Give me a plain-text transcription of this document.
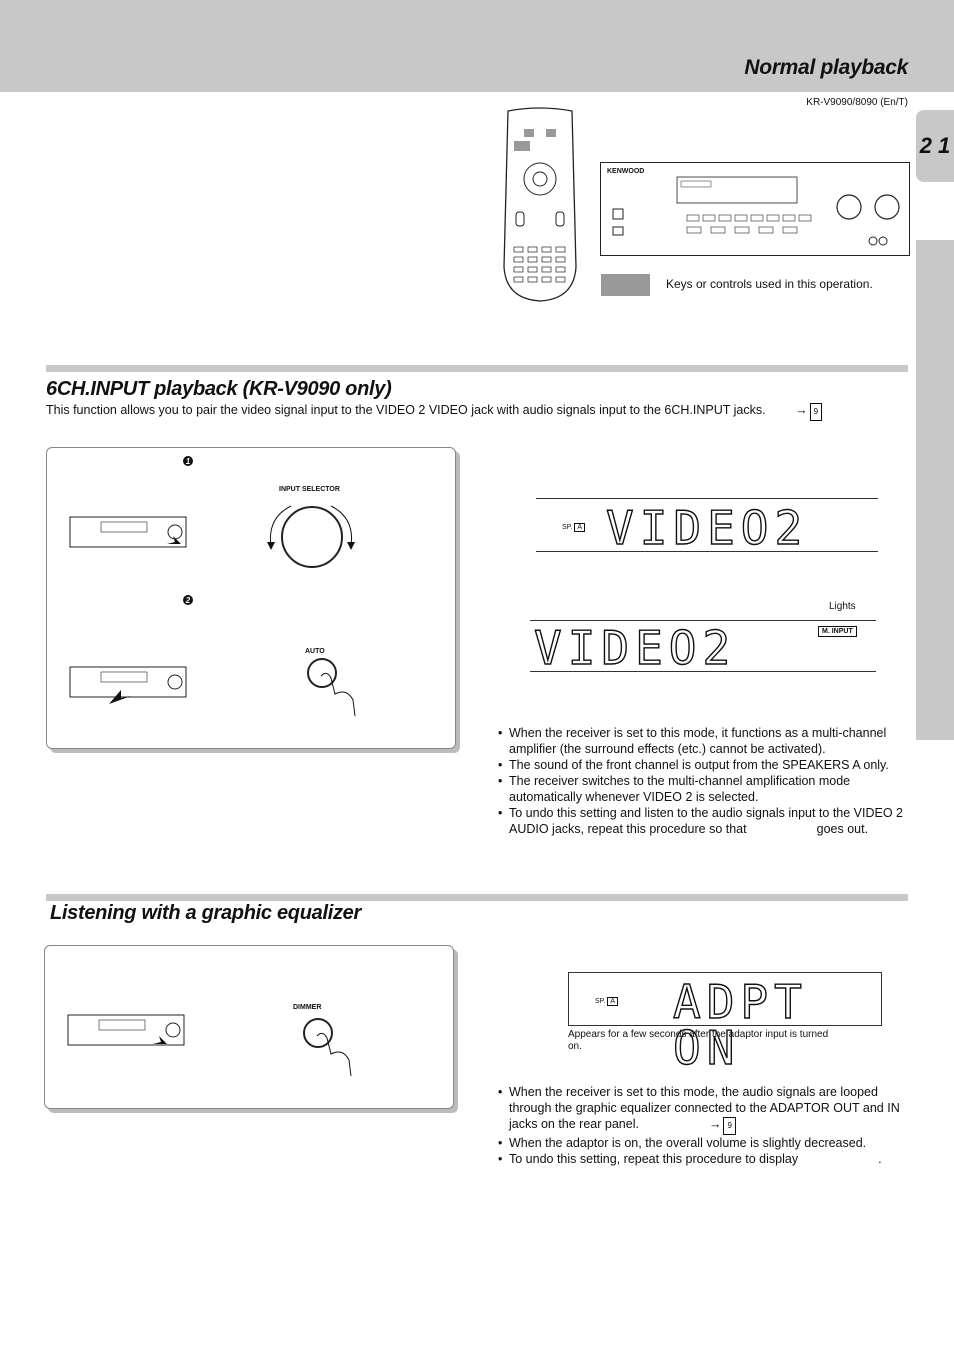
Normal playback
KR-V9090/8090 (En/T)
2 1
KENWOOD
Keys or controls used in this operation.
6CH.INPUT playback (KR-V9090 only)
This function allows you to pair the video signal input to the VIDEO 2 VIDEO jack with audio signals input to the 6CH.INPUT jacks. → 9
1
2
INPUT SELECTOR
AUTO
SP. A VIDEO2
Lights
VIDEO2	M. INPUT

• When the receiver is set to this mode, it functions as a multi-channel amplifier (the surround effects (etc.) cannot be activated).

• The sound of the front channel is output from the SPEAKERS A only.

• The receiver switches to the multi-channel amplification mode automatically whenever VIDEO 2 is selected.

• To undo this setting and listen to the audio signals input to the VIDEO 2 AUDIO jacks, repeat this procedure so that	goes out.

Listening with a graphic equalizer
DIMMER
SP. A ADPT ON
Appears for a few seconds after the adaptor input is turned on.

• When the receiver is set to this mode, the audio signals are looped through the graphic equalizer connected to the ADAPTOR OUT and IN jacks on the rear panel.	→ 9

• When the adaptor is on, the overall volume is slightly decreased.

• To undo this setting, repeat this procedure to display	.
